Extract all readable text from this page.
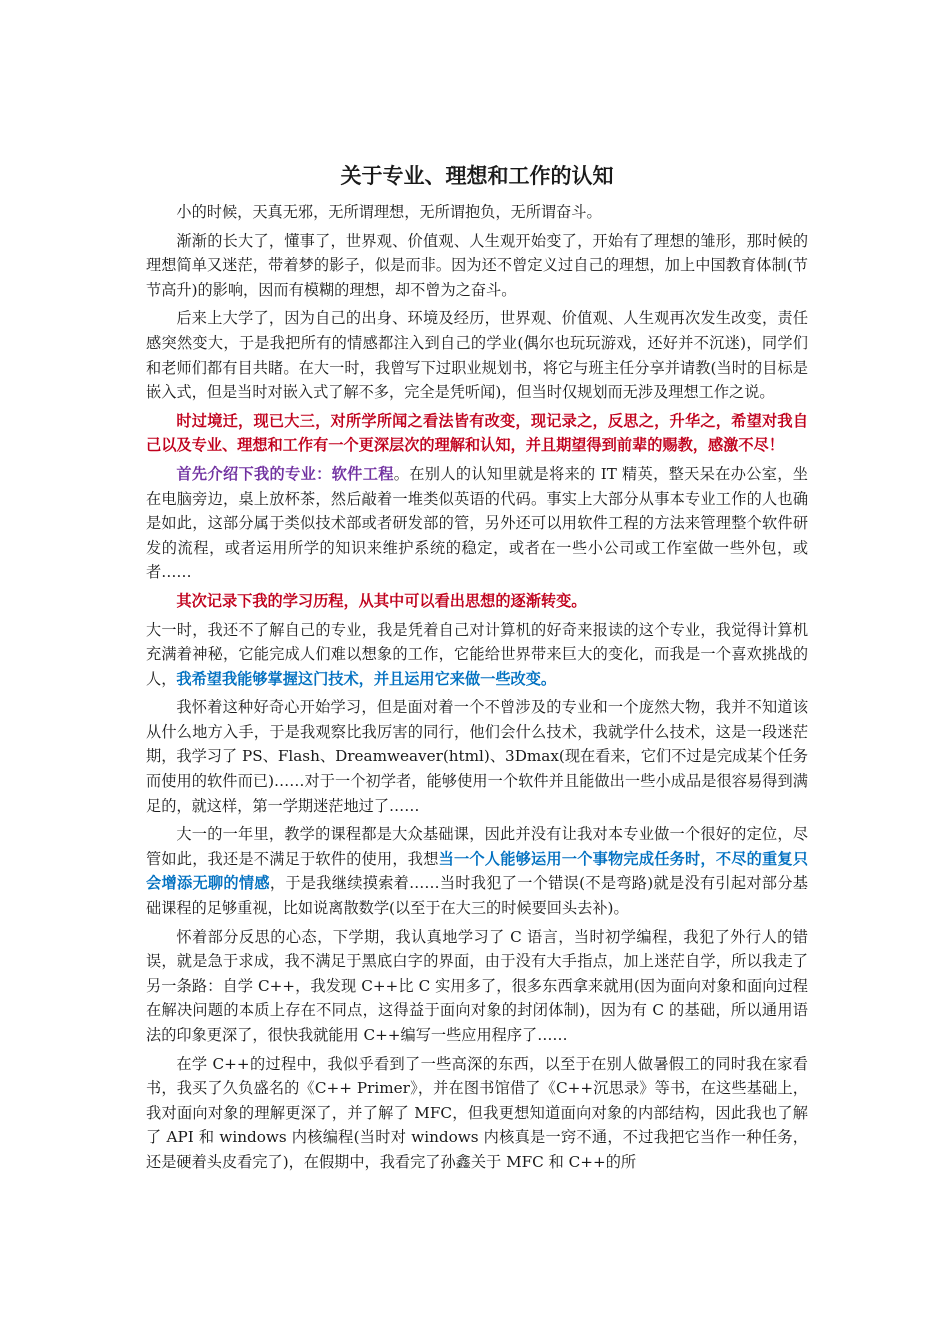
关于专业、理想和工作的认知

小的时候，天真无邪，无所谓理想，无所谓抱负，无所谓奋斗。

渐渐的长大了，懂事了，世界观、价值观、人生观开始变了，开始有了理想的雏形，那时候的理想简单又迷茫，带着梦的影子，似是而非。因为还不曾定义过自己的理想，加上中国教育体制(节节高升)的影响，因而有模糊的理想，却不曾为之奋斗。

后来上大学了，因为自己的出身、环境及经历，世界观、价值观、人生观再次发生改变，责任感突然变大，于是我把所有的情感都注入到自己的学业(偶尔也玩玩游戏，还好并不沉迷)，同学们和老师们都有目共睹。在大一时，我曾写下过职业规划书，将它与班主任分享并请教(当时的目标是嵌入式，但是当时对嵌入式了解不多，完全是凭听闻)，但当时仅规划而无涉及理想工作之说。

时过境迁，现已大三，对所学所闻之看法皆有改变，现记录之，反思之，升华之，希望对我自己以及专业、理想和工作有一个更深层次的理解和认知，并且期望得到前辈的赐教，感激不尽！

首先介绍下我的专业：软件工程。在别人的认知里就是将来的 IT 精英，整天呆在办公室，坐在电脑旁边，桌上放杯茶，然后敲着一堆类似英语的代码。事实上大部分从事本专业工作的人也确是如此，这部分属于类似技术部或者研发部的管，另外还可以用软件工程的方法来管理整个软件研发的流程，或者运用所学的知识来维护系统的稳定，或者在一些小公司或工作室做一些外包，或者……

其次记录下我的学习历程，从其中可以看出思想的逐渐转变。

大一时，我还不了解自己的专业，我是凭着自己对计算机的好奇来报读的这个专业，我觉得计算机充满着神秘，它能完成人们难以想象的工作，它能给世界带来巨大的变化，而我是一个喜欢挑战的人，我希望我能够掌握这门技术，并且运用它来做一些改变。

我怀着这种好奇心开始学习，但是面对着一个不曾涉及的专业和一个庞然大物，我并不知道该从什么地方入手，于是我观察比我厉害的同行，他们会什么技术，我就学什么技术，这是一段迷茫期，我学习了 PS、Flash、Dreamweaver(html)、3Dmax(现在看来，它们不过是完成某个任务而使用的软件而已)……对于一个初学者，能够使用一个软件并且能做出一些小成品是很容易得到满足的，就这样，第一学期迷茫地过了……

大一的一年里，教学的课程都是大众基础课，因此并没有让我对本专业做一个很好的定位，尽管如此，我还是不满足于软件的使用，我想当一个人能够运用一个事物完成任务时，不尽的重复只会增添无聊的情感，于是我继续摸索着……当时我犯了一个错误(不是弯路)就是没有引起对部分基础课程的足够重视，比如说离散数学(以至于在大三的时候要回头去补)。

怀着部分反思的心态，下学期，我认真地学习了 C 语言，当时初学编程，我犯了外行人的错误，就是急于求成，我不满足于黑底白字的界面，由于没有大手指点，加上迷茫自学，所以我走了另一条路：自学 C++，我发现 C++比 C 实用多了，很多东西拿来就用(因为面向对象和面向过程在解决问题的本质上存在不同点，这得益于面向对象的封闭体制)，因为有 C 的基础，所以通用语法的印象更深了，很快我就能用 C++编写一些应用程序了……

在学 C++的过程中，我似乎看到了一些高深的东西，以至于在别人做暑假工的同时我在家看书，我买了久负盛名的《C++ Primer》，并在图书馆借了《C++沉思录》等书，在这些基础上，我对面向对象的理解更深了，并了解了 MFC，但我更想知道面向对象的内部结构，因此我也了解了 API 和 windows 内核编程(当时对 windows 内核真是一窍不通，不过我把它当作一种任务，还是硬着头皮看完了)，在假期中，我看完了孙鑫关于 MFC 和 C++的所
